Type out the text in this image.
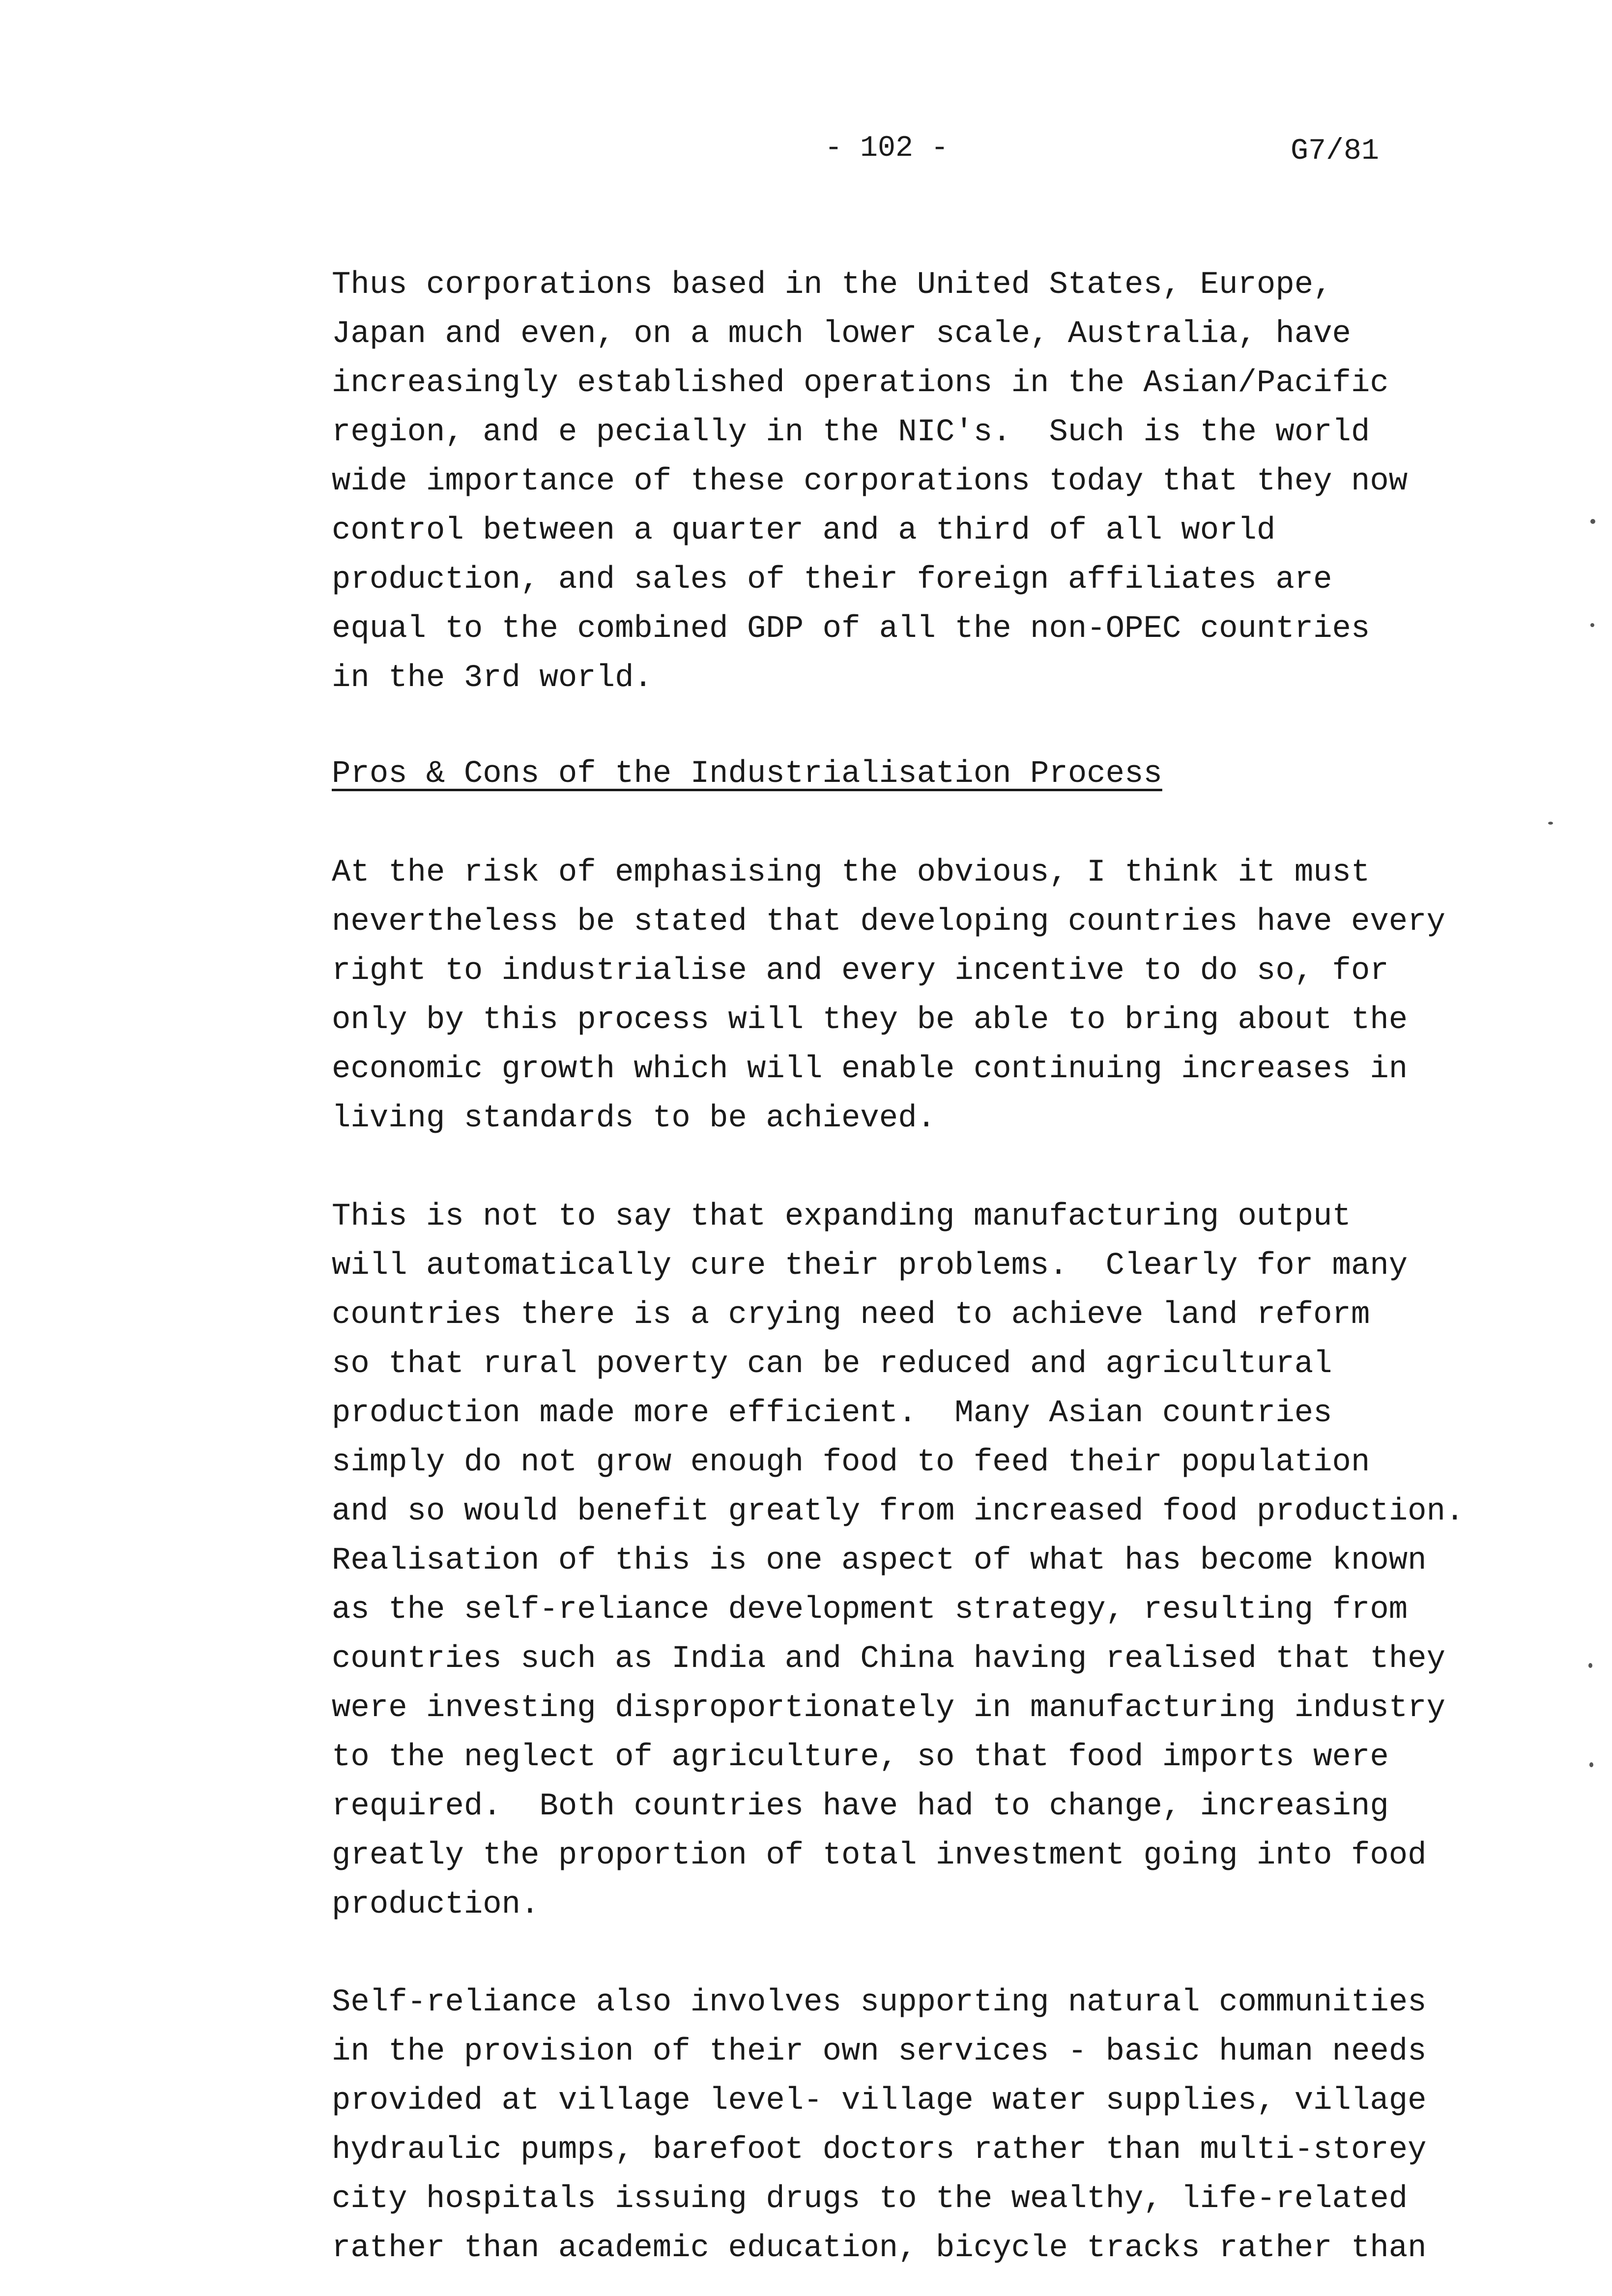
- 102 -	G7/81

Thus corporations based in the United States, Europe,
Japan and even, on a much lower scale, Australia, have
increasingly established operations in the Asian/Pacific
region, and e pecially in the NIC's.  Such is the world
wide importance of these corporations today that they now
control between a quarter and a third of all world
production, and sales of their foreign affiliates are
equal to the combined GDP of all the non-OPEC countries
in the 3rd world.

Pros & Cons of the Industrialisation Process

At the risk of emphasising the obvious, I think it must
nevertheless be stated that developing countries have every
right to industrialise and every incentive to do so, for
only by this process will they be able to bring about the
economic growth which will enable continuing increases in
living standards to be achieved.

This is not to say that expanding manufacturing output
will automatically cure their problems.  Clearly for many
countries there is a crying need to achieve land reform
so that rural poverty can be reduced and agricultural
production made more efficient.  Many Asian countries
simply do not grow enough food to feed their population
and so would benefit greatly from increased food production.
Realisation of this is one aspect of what has become known
as the self-reliance development strategy, resulting from
countries such as India and China having realised that they
were investing disproportionately in manufacturing industry
to the neglect of agriculture, so that food imports were
required.  Both countries have had to change, increasing
greatly the proportion of total investment going into food
production.

Self-reliance also involves supporting natural communities
in the provision of their own services - basic human needs
provided at village level- village water supplies, village
hydraulic pumps, barefoot doctors rather than multi-storey
city hospitals issuing drugs to the wealthy, life-related
rather than academic education, bicycle tracks rather than
